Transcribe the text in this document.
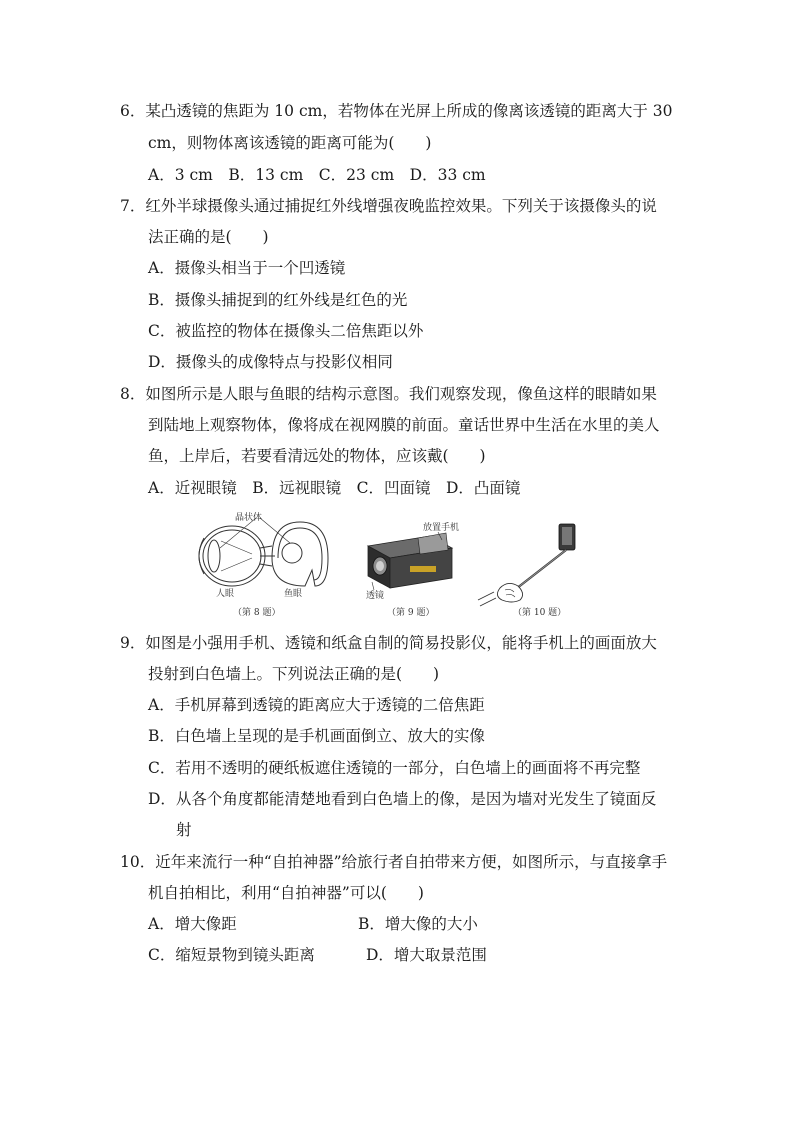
6．某凸透镜的焦距为 10 cm，若物体在光屏上所成的像离该透镜的距离大于 30
cm，则物体离该透镜的距离可能为(　　)
A．3 cm　B．13 cm　C．23 cm　D．33 cm
7．红外半球摄像头通过捕捉红外线增强夜晚监控效果。下列关于该摄像头的说
法正确的是(　　)
A．摄像头相当于一个凹透镜
B．摄像头捕捉到的红外线是红色的光
C．被监控的物体在摄像头二倍焦距以外
D．摄像头的成像特点与投影仪相同
8．如图所示是人眼与鱼眼的结构示意图。我们观察发现，像鱼这样的眼睛如果
到陆地上观察物体，像将成在视网膜的前面。童话世界中生活在水里的美人
鱼，上岸后，若要看清远处的物体，应该戴(　　)
A．近视眼镜　B．远视眼镜　C．凹面镜　D．凸面镜
晶状体
人眼	鱼眼
（第 8 题）
放置手机
透镜
（第 9 题）	（第 10 题）
9．如图是小强用手机、透镜和纸盒自制的简易投影仪，能将手机上的画面放大
投射到白色墙上。下列说法正确的是(　　)
A．手机屏幕到透镜的距离应大于透镜的二倍焦距
B．白色墙上呈现的是手机画面倒立、放大的实像
C．若用不透明的硬纸板遮住透镜的一部分，白色墙上的画面将不再完整
D．从各个角度都能清楚地看到白色墙上的像，是因为墙对光发生了镜面反
射
10．近年来流行一种“自拍神器”给旅行者自拍带来方便，如图所示，与直接拿手
机自拍相比，利用“自拍神器”可以(　　)
A．增大像距	B．增大像的大小
C．缩短景物到镜头距离	D．增大取景范围
